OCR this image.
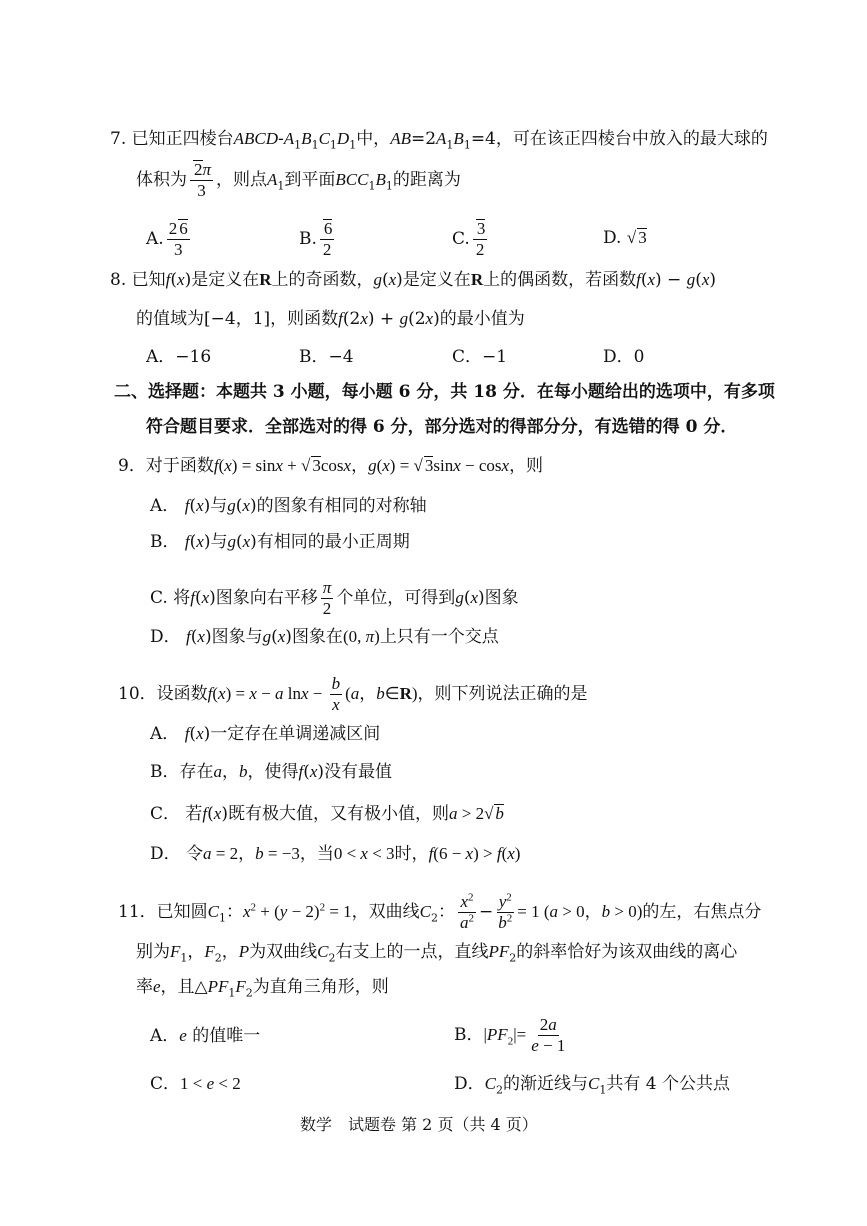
7. 已知正四棱台ABCD-$A_1B_1C_1D_1$中，$AB=2A_1B_1=4$，可在该正四棱台中放入的最大球的
体积为 $\frac{2\pi}{3}$ ，则点$A_1$到平面$BCC_1B_1$的距离为
A. $\frac{2 6}{3}$	B. $\frac{6}{2}$	C. $\frac{3}{2}$	D. √ 3
8. 已知f(x)是定义在R上的奇函数，g(x)是定义在R上的偶函数，若函数f(x) − g(x)
的值域为[−4，1]，则函数f(2x) + g(2x)的最小值为
A．−16	B．−4	C．−1	D．0
二、选择题：本题共 3 小题，每小题 6 分，共 18 分．在每小题给出的选项中，有多项
符合题目要求．全部选对的得 6 分，部分选对的得部分分，有选错的得 0 分．
9．对于函数f(x) = sinx + √ 3cosx，g(x) = √ 3sinx − cosx，则
A． f(x)与g(x)的图象有相同的对称轴
B． f(x)与g(x)有相同的最小正周期
C. 将f(x)图象向右平移 $\frac{\pi}{2}$ 个单位，可得到g(x)图象
D． f(x)图象与g(x)图象在(0, π)上只有一个交点
10．设函数f(x) = x − a $\ln x - \frac{b}{x} (a$，b∈R)，则下列说法正确的是
A． f(x)一定存在单调递减区间
B．存在a，b，使得f(x)没有最值
C． 若f(x)既有极大值，又有极小值，则a > 2√ b
D． 令a = 2，b = −3，当0 < x < 3时，f(6 − x) > f(x)
11．已知圆$C_1$：$x^2 + (y - 2)^2 = 1$，双曲线$C_2$： $\frac{x^2}{a^2} - \frac{y^2}{b^2} = 1$ (a > 0，b > 0)的左，右焦点分
别为$F_1$，$F_2$，P为双曲线$C_2$右支上的一点，直线$PF_2$的斜率恰好为该双曲线的离心
率e，且$\triangle PF_1F_2$为直角三角形，则
A．e 的值唯一	B．$|PF_2|= \frac{2a}{e - 1}$
C．1 < e < 2	D．$C_2$的渐近线与$C_1$共有 4 个公共点
数学　试题卷 第 2 页（共 4 页）
